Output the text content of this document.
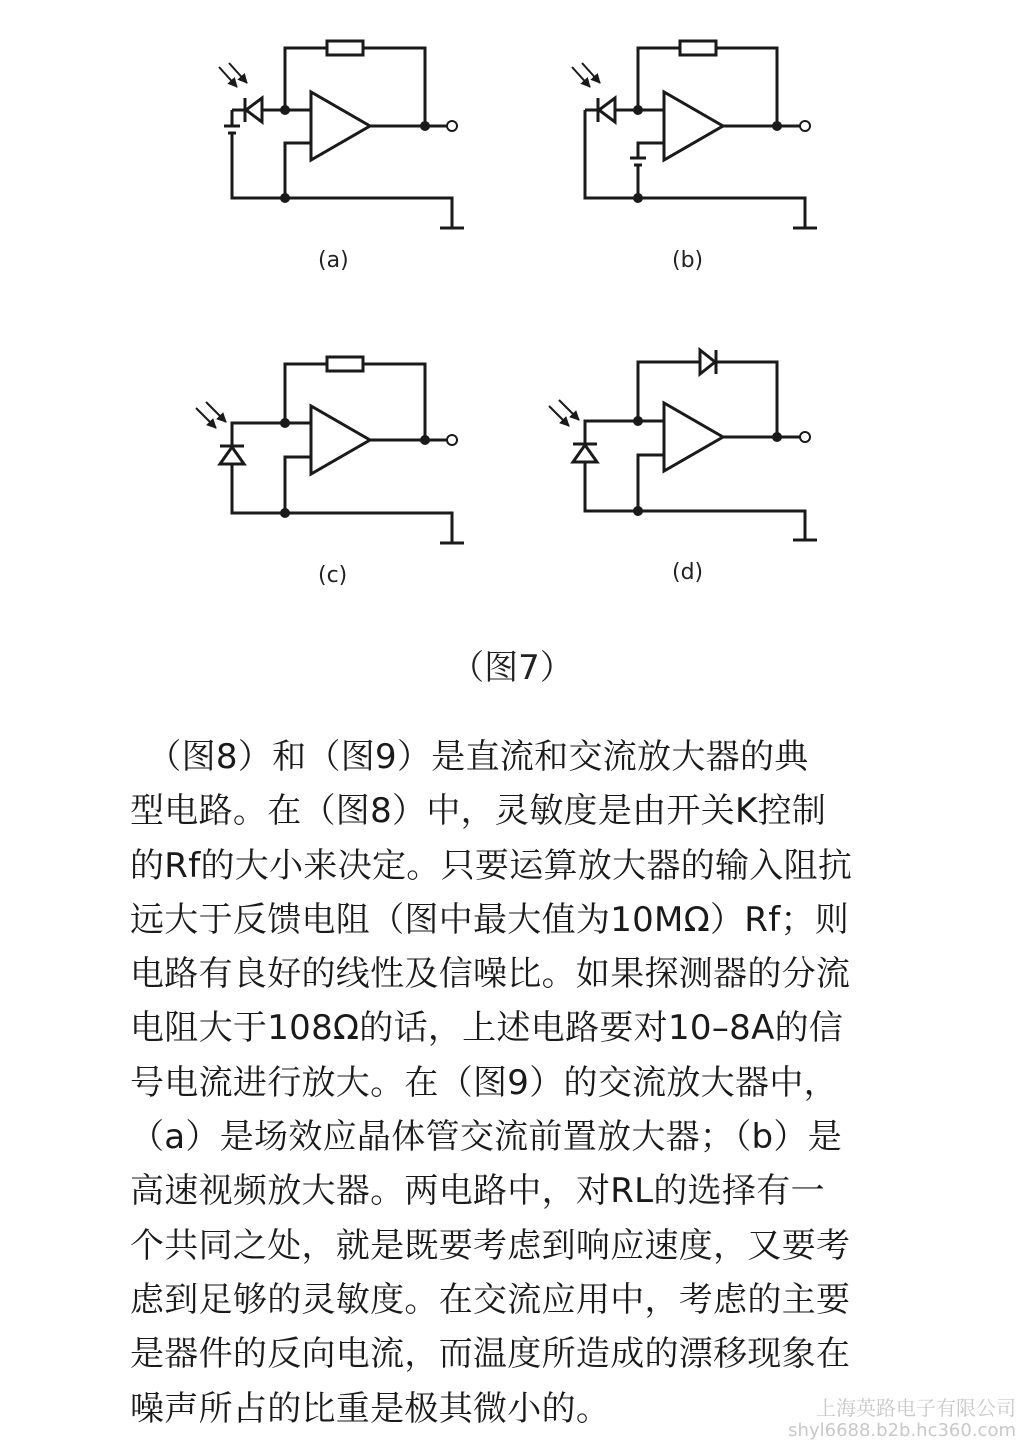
(a)	(b)
(c)	(d)
（图7）
　（图8）和（图9）是直流和交流放大器的典
型电路。在（图8）中，灵敏度是由开关K控制
的Rf的大小来决定。只要运算放大器的输入阻抗
远大于反馈电阻（图中最大值为10MΩ）Rf；则
电路有良好的线性及信噪比。如果探测器的分流
电阻大于108Ω的话，上述电路要对10–8A的信
号电流进行放大。在（图9）的交流放大器中，
（a）是场效应晶体管交流前置放大器；（b）是
高速视频放大器。两电路中，对RL的选择有一
个共同之处，就是既要考虑到响应速度，又要考
虑到足够的灵敏度。在交流应用中，考虑的主要
是器件的反向电流，而温度所造成的漂移现象在
噪声所占的比重是极其微小的。	上海英路电子有限公司
shyl6688.b2b.hc360.com
